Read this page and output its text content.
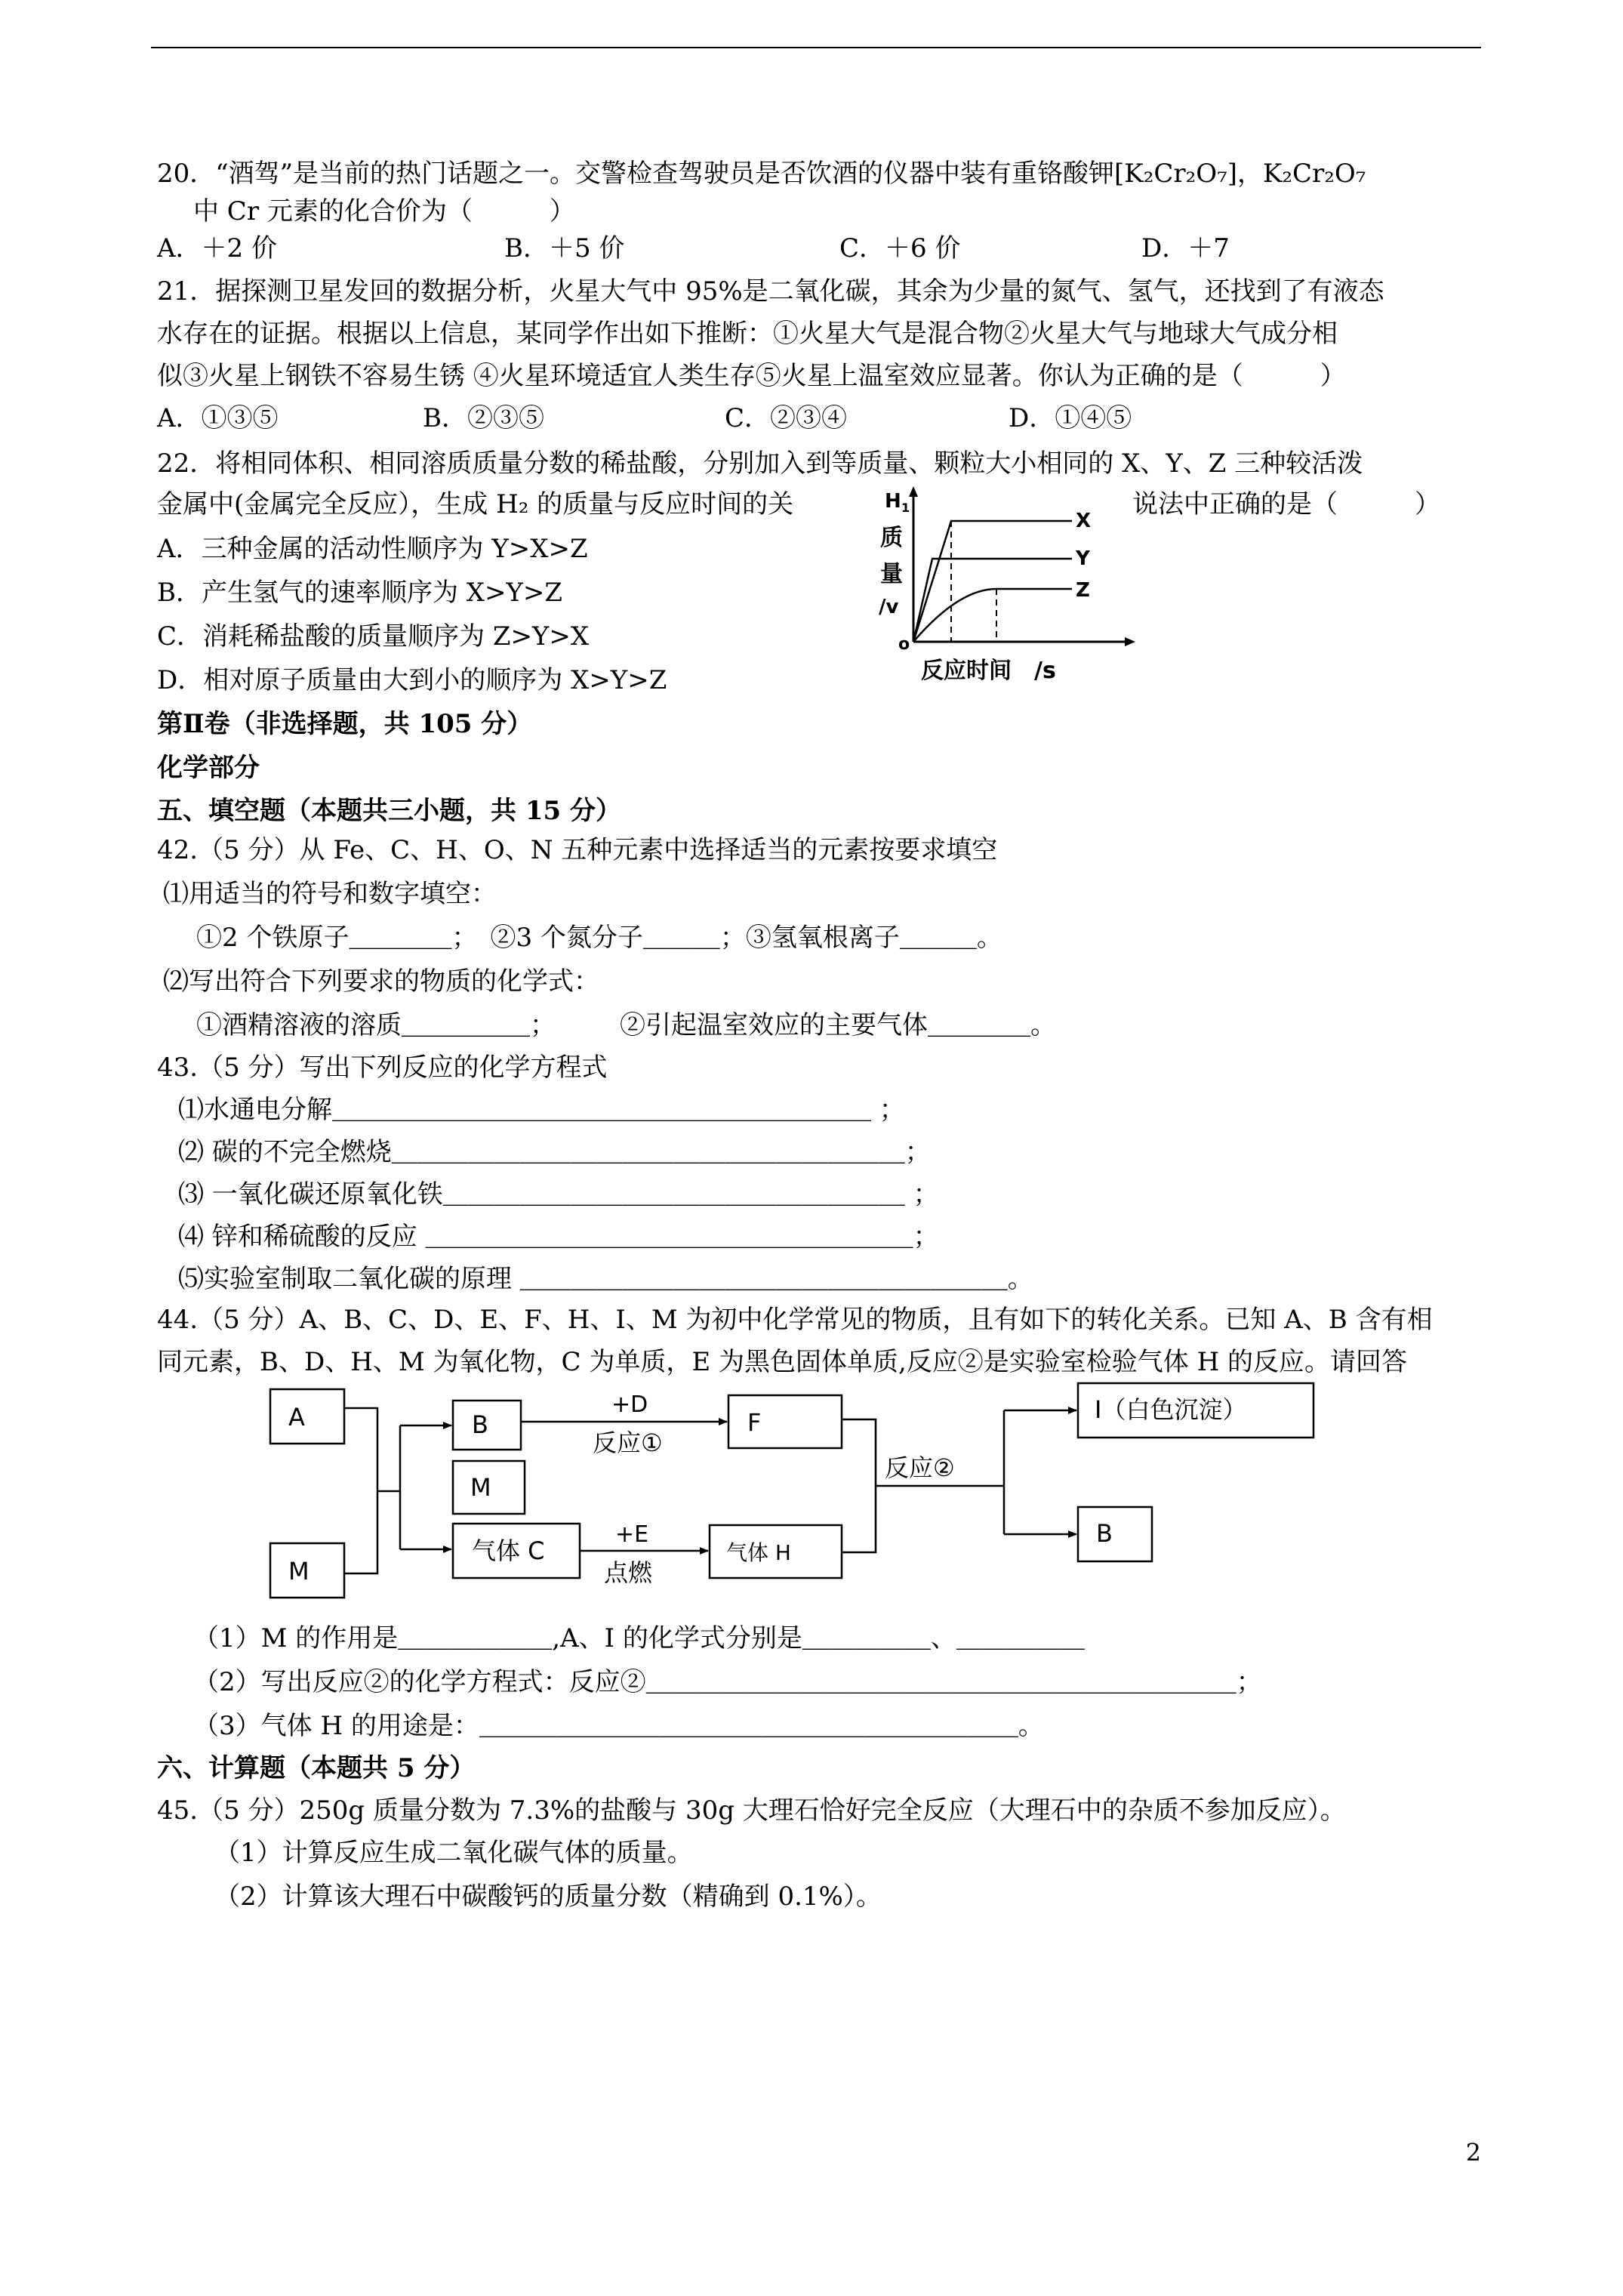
20．“酒驾”是当前的热门话题之一。交警检查驾驶员是否饮酒的仪器中装有重铬酸钾[K₂Cr₂O₇]，K₂Cr₂O₇
中 Cr 元素的化合价为（　　　）
A．＋2 价	B．＋5 价	C．＋6 价	D．＋7
21．据探测卫星发回的数据分析，火星大气中 95%是二氧化碳，其余为少量的氮气、氢气，还找到了有液态
水存在的证据。根据以上信息，某同学作出如下推断：①火星大气是混合物②火星大气与地球大气成分相
似③火星上钢铁不容易生锈 ④火星环境适宜人类生存⑤火星上温室效应显著。你认为正确的是（　　　）
A．①③⑤	B．②③⑤	C．②③④	D．①④⑤
22．将相同体积、相同溶质质量分数的稀盐酸，分别加入到等质量、颗粒大小相同的 X、Y、Z 三种较活泼
金属中(金属完全反应），生成 H₂ 的质量与反应时间的关	说法中正确的是（　　　）
A．三种金属的活动性顺序为 Y>X>Z
B．产生氢气的速率顺序为 X>Y>Z
C．消耗稀盐酸的质量顺序为 Z>Y>X
D．相对原子质量由大到小的顺序为 X>Y>Z
H 1
质
量
/v
o
反应时间　/s
X
Y
Z
第Ⅱ卷（非选择题，共 105 分）
化学部分
五、填空题（本题共三小题，共 15 分）
42.（5 分）从 Fe、C、H、O、N 五种元素中选择适当的元素按要求填空
⑴用适当的符号和数字填空：
①2 个铁原子＿＿＿＿；　②3 个氮分子＿＿＿；③氢氧根离子＿＿＿。
⑵写出符合下列要求的物质的化学式：
①酒精溶液的溶质＿＿＿＿＿；　　　②引起温室效应的主要气体＿＿＿＿。
43.（5 分）写出下列反应的化学方程式
⑴水通电分解＿＿＿＿＿＿＿＿＿＿＿＿＿＿＿＿＿＿＿＿＿ ；
⑵ 碳的不完全燃烧＿＿＿＿＿＿＿＿＿＿＿＿＿＿＿＿＿＿＿＿；
⑶ 一氧化碳还原氧化铁＿＿＿＿＿＿＿＿＿＿＿＿＿＿＿＿＿＿ ；
⑷ 锌和稀硫酸的反应 ＿＿＿＿＿＿＿＿＿＿＿＿＿＿＿＿＿＿＿；
⑸实验室制取二氧化碳的原理 ＿＿＿＿＿＿＿＿＿＿＿＿＿＿＿＿＿＿＿。
44.（5 分）A、B、C、D、E、F、H、I、M 为初中化学常见的物质，且有如下的转化关系。已知 A、B 含有相
同元素，B、D、H、M 为氧化物，C 为单质，E 为黑色固体单质,反应②是实验室检验气体 H 的反应。请回答
A
M
B
M
气体 C
F
气体 H
I（白色沉淀）
B
+D
反应①
+E
点燃
反应②
（1）M 的作用是＿＿＿＿＿＿,A、I 的化学式分别是＿＿＿＿＿、＿＿＿＿＿
（2）写出反应②的化学方程式：反应②＿＿＿＿＿＿＿＿＿＿＿＿＿＿＿＿＿＿＿＿＿＿＿；
（3）气体 H 的用途是：＿＿＿＿＿＿＿＿＿＿＿＿＿＿＿＿＿＿＿＿＿。
六、计算题（本题共 5 分）
45.（5 分）250g 质量分数为 7.3%的盐酸与 30g 大理石恰好完全反应（大理石中的杂质不参加反应）。
（1）计算反应生成二氧化碳气体的质量。
（2）计算该大理石中碳酸钙的质量分数（精确到 0.1%）。
2
